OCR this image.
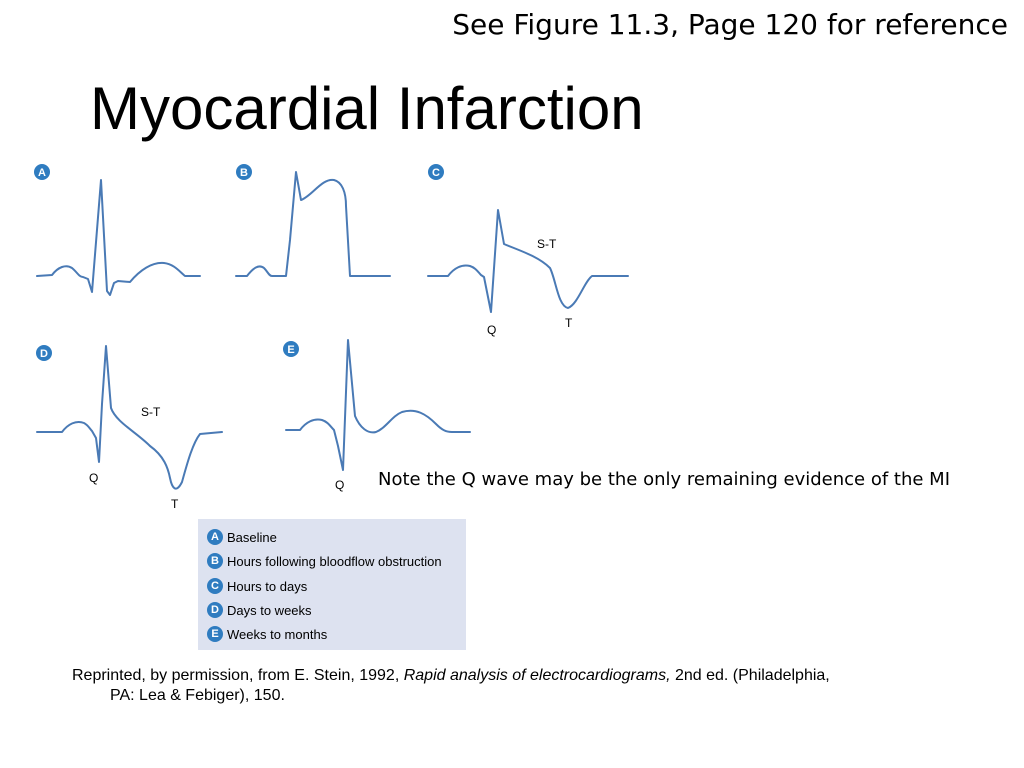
See Figure 11.3, Page 120 for reference
Myocardial Infarction
A	B	C
S-T
Q	T
D
S-T
Q
T
E
Q Note the Q wave may be the only remaining evidence of the MI
A Baseline
B Hours following bloodflow obstruction
C Hours to days
D Days to weeks
E Weeks to months
Reprinted, by permission, from E. Stein, 1992, Rapid analysis of electrocardiograms, 2nd ed. (Philadelphia,
PA: Lea & Febiger), 150.
